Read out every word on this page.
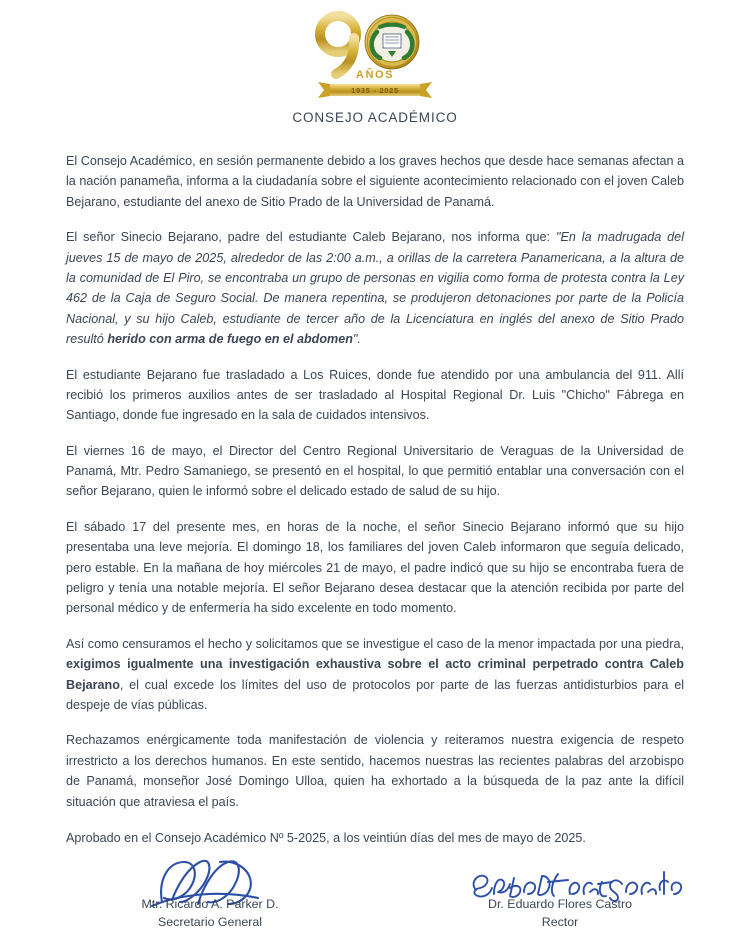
AÑOS
1935 - 2025
CONSEJO ACADÉMICO

El Consejo Académico, en sesión permanente debido a los graves hechos que desde hace semanas afectan a la nación panameña, informa a la ciudadanía sobre el siguiente acontecimiento relacionado con el joven Caleb Bejarano, estudiante del anexo de Sitio Prado de la Universidad de Panamá.

El señor Sinecio Bejarano, padre del estudiante Caleb Bejarano, nos informa que: "En la madrugada del jueves 15 de mayo de 2025, alrededor de las 2:00 a.m., a orillas de la carretera Panamericana, a la altura de la comunidad de El Piro, se encontraba un grupo de personas en vigilia como forma de protesta contra la Ley 462 de la Caja de Seguro Social. De manera repentina, se produjeron detonaciones por parte de la Policía Nacional, y su hijo Caleb, estudiante de tercer año de la Licenciatura en inglés del anexo de Sitio Prado resultó herido con arma de fuego en el abdomen".

El estudiante Bejarano fue trasladado a Los Ruices, donde fue atendido por una ambulancia del 911. Allí recibió los primeros auxilios antes de ser trasladado al Hospital Regional Dr. Luis "Chicho" Fábrega en Santiago, donde fue ingresado en la sala de cuidados intensivos.

El viernes 16 de mayo, el Director del Centro Regional Universitario de Veraguas de la Universidad de Panamá, Mtr. Pedro Samaniego, se presentó en el hospital, lo que permitió entablar una conversación con el señor Bejarano, quien le informó sobre el delicado estado de salud de su hijo.

El sábado 17 del presente mes, en horas de la noche, el señor Sinecio Bejarano informó que su hijo presentaba una leve mejoría. El domingo 18, los familiares del joven Caleb informaron que seguía delicado, pero estable. En la mañana de hoy miércoles 21 de mayo, el padre indicó que su hijo se encontraba fuera de peligro y tenía una notable mejoría. El señor Bejarano desea destacar que la atención recibida por parte del personal médico y de enfermería ha sido excelente en todo momento.

Así como censuramos el hecho y solicitamos que se investigue el caso de la menor impactada por una piedra, exigimos igualmente una investigación exhaustiva sobre el acto criminal perpetrado contra Caleb Bejarano, el cual excede los límites del uso de protocolos por parte de las fuerzas antidisturbios para el despeje de vías públicas.

Rechazamos enérgicamente toda manifestación de violencia y reiteramos nuestra exigencia de respeto irrestricto a los derechos humanos. En este sentido, hacemos nuestras las recientes palabras del arzobispo de Panamá, monseñor José Domingo Ulloa, quien ha exhortado a la búsqueda de la paz ante la difícil situación que atraviesa el país.

Aprobado en el Consejo Académico Nº 5-2025, a los veintiún días del mes de mayo de 2025.

Mtr. Ricardo A. Parker D.
Secretario General
Dr. Eduardo Flores Castro
Rector
